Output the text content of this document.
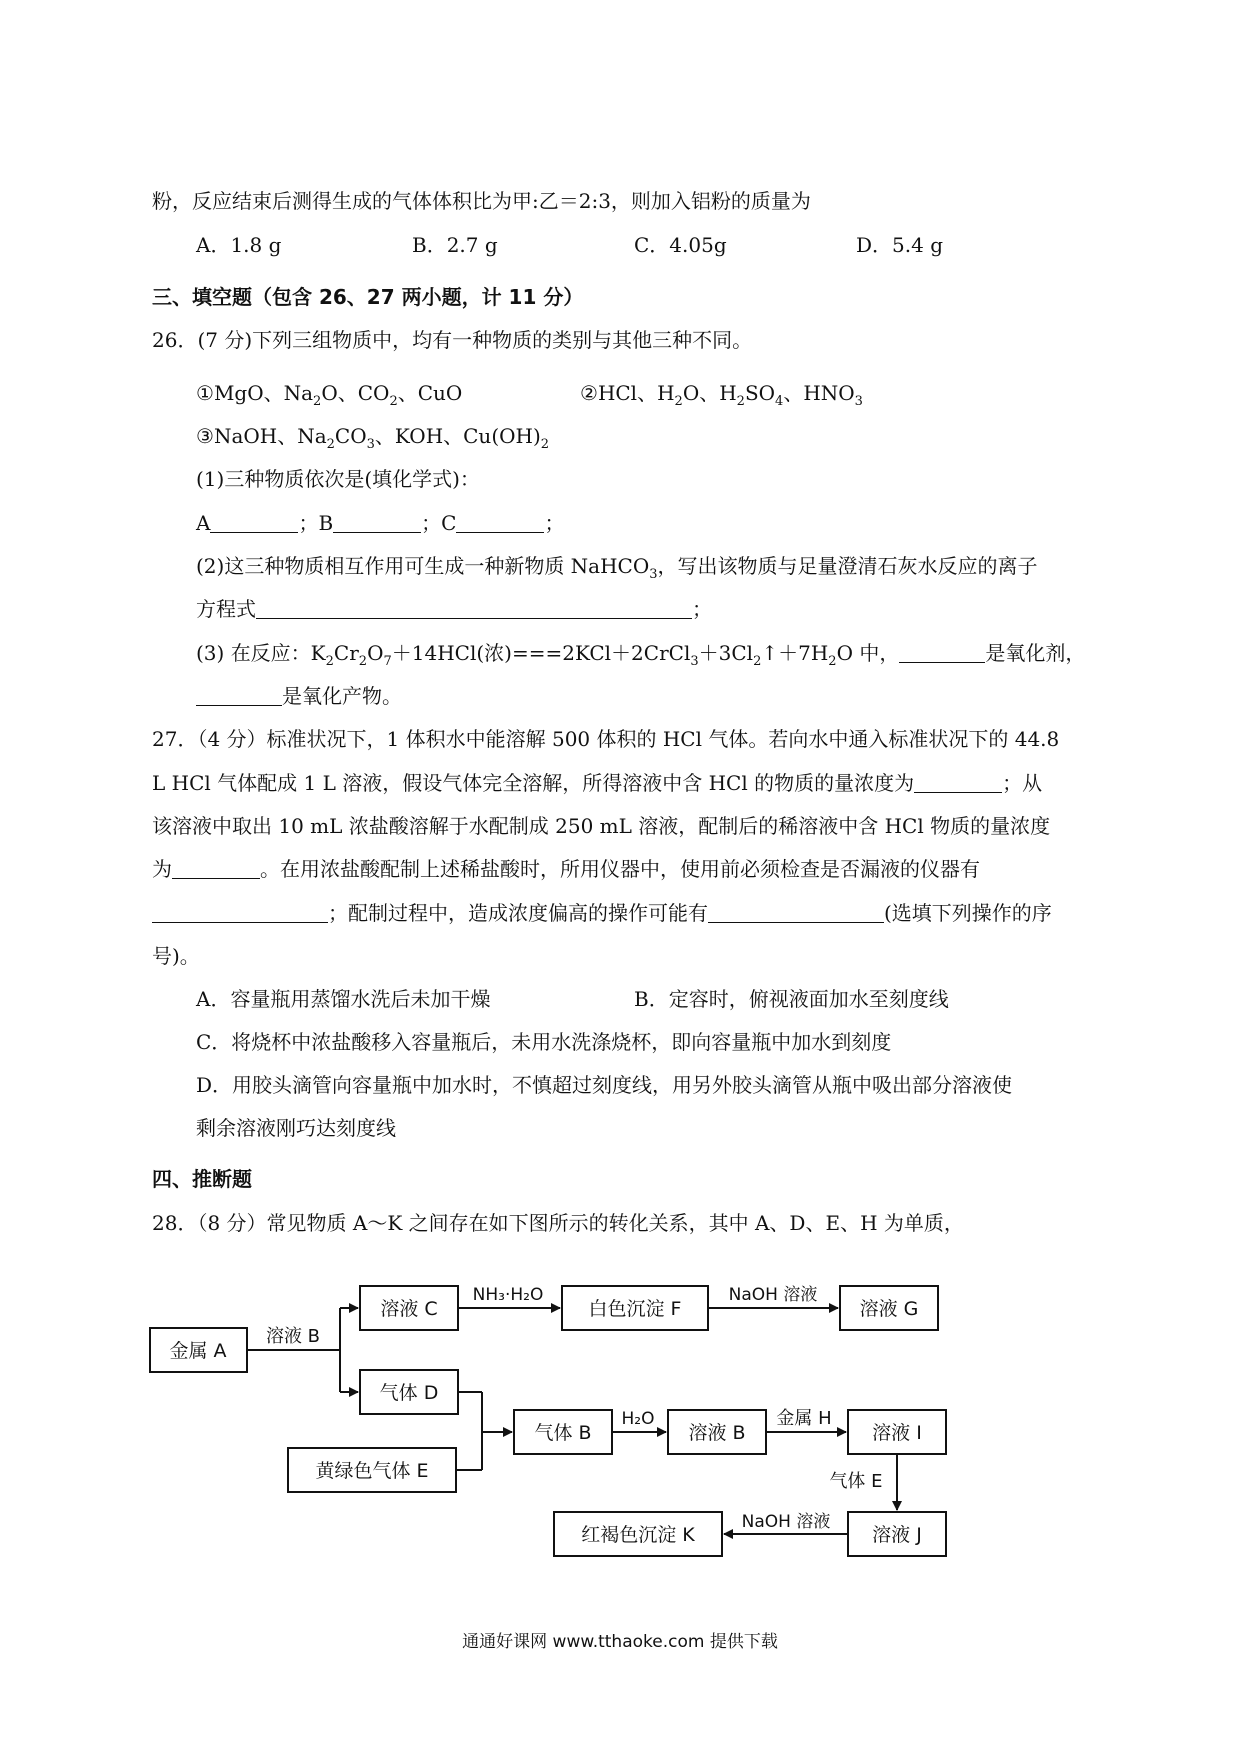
粉，反应结束后测得生成的气体体积比为甲:乙＝2:3，则加入铝粉的质量为
A．1.8 g	B．2.7 g	C．4.05g	D．5.4 g
三、填空题（包含 26、27 两小题，计 11 分）
26．(7 分)下列三组物质中，均有一种物质的类别与其他三种不同。
①MgO、$Na_2O$、$CO_2$、CuO	②HCl、$H_2O$、$H_2SO_4$、$HNO_3$
③NaOH、$Na_2CO_3$、KOH、$Cu(OH)_2$
(1)三种物质依次是(填化学式)：
A	；B	；C	；
(2)这三种物质相互作用可生成一种新物质 NaHCO$_3$，写出该物质与足量澄清石灰水反应的离子
方程式	；
(3) 在反应：$K_2Cr_2O_7+14HCl$(浓)$===2KCl+2CrCl_3+3Cl_2↑+7H_2O$ 中，	是氧化剂，
是氧化产物。
27．（4 分）标准状况下，1 体积水中能溶解 500 体积的 HCl 气体。若向水中通入标准状况下的 44.8
L HCl 气体配成 1 L 溶液，假设气体完全溶解，所得溶液中含 HCl 的物质的量浓度为	；从
该溶液中取出 10 mL 浓盐酸溶解于水配制成 250 mL 溶液，配制后的稀溶液中含 HCl 物质的量浓度
为	。在用浓盐酸配制上述稀盐酸时，所用仪器中，使用前必须检查是否漏液的仪器有
；配制过程中，造成浓度偏高的操作可能有	(选填下列操作的序
号)。
A．容量瓶用蒸馏水洗后未加干燥	B．定容时，俯视液面加水至刻度线
C．将烧杯中浓盐酸移入容量瓶后，未用水洗涤烧杯，即向容量瓶中加水到刻度
D．用胶头滴管向容量瓶中加水时，不慎超过刻度线，用另外胶头滴管从瓶中吸出部分溶液使
剩余溶液刚巧达刻度线
四、推断题
28．（8 分）常见物质 A～K 之间存在如下图所示的转化关系，其中 A、D、E、H 为单质，
金属 A
溶液 C	白色沉淀 F	溶液 G
气体 D
黄绿色气体 E
气体 B	溶液 B	溶液 I
溶液 J
红褐色沉淀 K
溶液 B
NH₃·H₂O	NaOH 溶液
H₂O	金属 H
气体 E
NaOH 溶液
通通好课网 www.tthaoke.com 提供下载
